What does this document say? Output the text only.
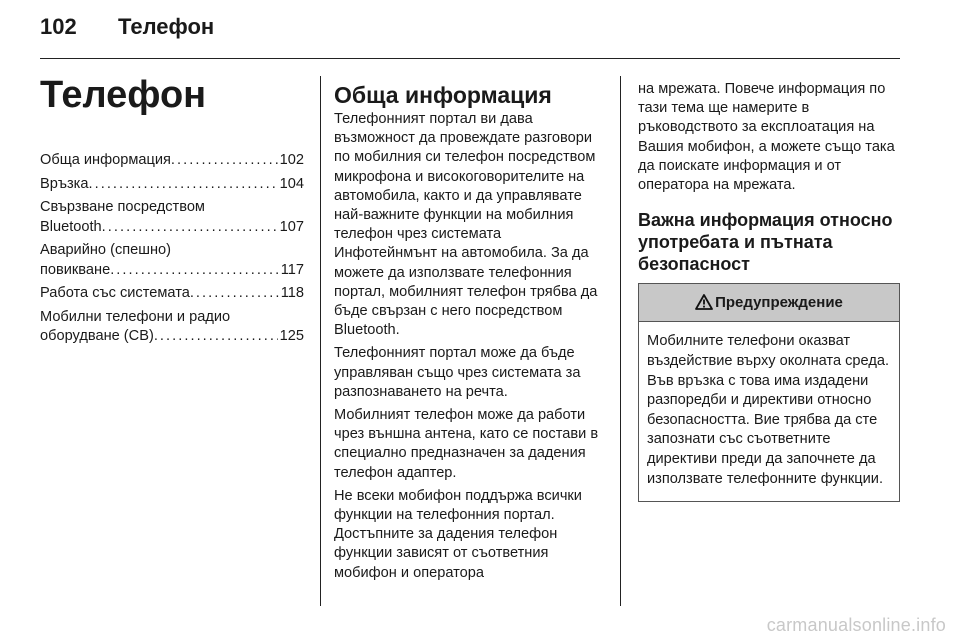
102 Телефон
Телефон
Обща информация . . .	102
Връзка . . .	104
Свързване посредством
Bluetooth . . .	107
Аварийно (спешно)
повикване . . .	117
Работа със системата . . .	118
Мобилни телефони и радио
оборудване (CB) . . .	125
Обща информация

Телефонният портал ви дава възможност да провеждате разговори по мобилния си телефон посредством микрофона и високоговорителите на автомобила, както и да управлявате най-важните функции на мобилния телефон чрез системата Инфотейнмънт на автомобила. За да можете да използвате телефонния портал, мобилният телефон трябва да бъде свързан с него посредством Bluetooth.

Телефонният портал може да бъде управляван също чрез системата за разпознаването на речта.

Мобилният телефон може да работи чрез външна антена, като се постави в специално предназначен за дадения телефон адаптер.

Не всеки мобифон поддържа всички функции на телефонния портал. Достъпните за дадения телефон функции зависят от съответния мобифон и оператора

на мрежата. Повече информация по тази тема ще намерите в ръководството за експлоатация на Вашия мобифон, а можете също така да поискате информация и от оператора на мрежата.

Важна информация относно употребата и пътната безопасност
Предупреждение
Мобилните телефони оказват въздействие върху околната среда. Във връзка с това има издадени разпоредби и директиви относно безопасността. Вие трябва да сте запознати със съответните директиви преди да започнете да използвате телефонните функции.
carmanualsonline.info
